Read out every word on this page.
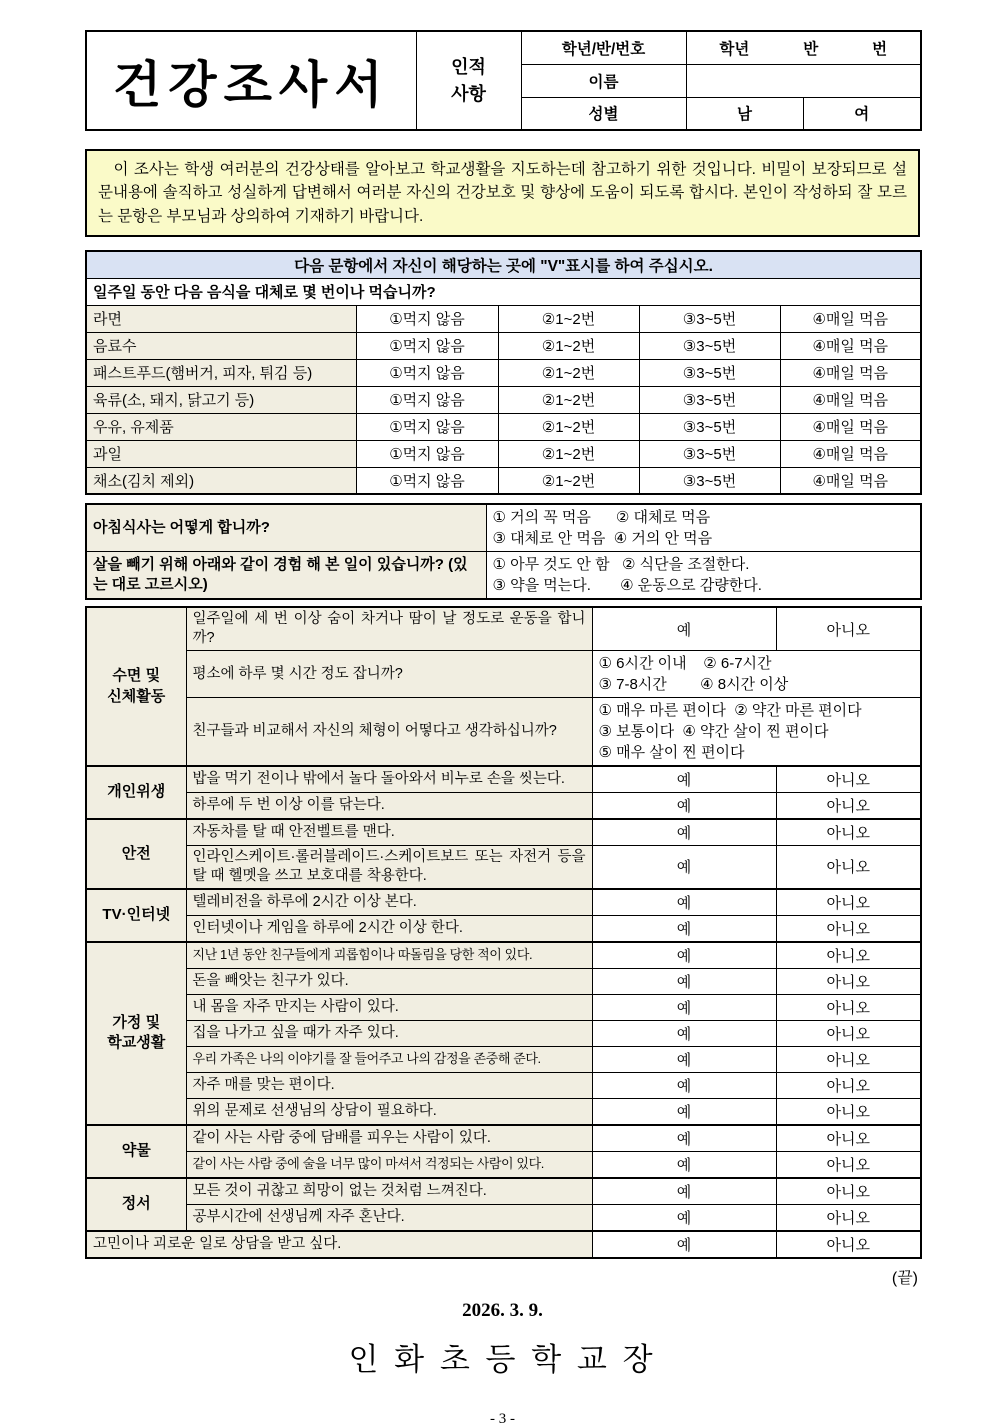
건강조사서	인적
사항
	학년/반/번호	학년	반	번

		이름		
		성별	남	여
이 조사는 학생 여러분의 건강상태를 알아보고 학교생활을 지도하는데 참고하기 위한 것입니다. 비밀이 보장되므로 설문내용에 솔직하고 성실하게 답변해서 여러분 자신의 건강보호 및 향상에 도움이 되도록 합시다. 본인이 작성하되 잘 모르는 문항은 부모님과 상의하여 기재하기 바랍니다.
다음 문항에서 자신이 해당하는 곳에 "V"표시를 하여 주십시오.				
일주일 동안 다음 음식을 대체로 몇 번이나 먹습니까?				
라면	①먹지 않음	②1~2번	③3~5번	④매일 먹음
음료수	①먹지 않음	②1~2번	③3~5번	④매일 먹음
패스트푸드(햄버거, 피자, 튀김 등)	①먹지 않음	②1~2번	③3~5번	④매일 먹음
육류(소, 돼지, 닭고기 등)	①먹지 않음	②1~2번	③3~5번	④매일 먹음
우유, 유제품	①먹지 않음	②1~2번	③3~5번	④매일 먹음
과일	①먹지 않음	②1~2번	③3~5번	④매일 먹음
채소(김치 제외)	①먹지 않음	②1~2번	③3~5번	④매일 먹음
아침식사는 어떻게 합니까?	① 거의 꼭 먹음      ② 대체로 먹음
③ 대체로 안 먹음  ④ 거의 안 먹음

살을 빼기 위해 아래와 같이 경험 해 본 일이 있습니까? (있는 대로 고르시오)	① 아무 것도 안 함   ② 식단을 조절한다.
③ 약을 먹는다.       ④ 운동으로 감량한다.
수면 및
신체활동	일주일에 세 번 이상 숨이 차거나 땀이 날 정도로 운동을 합니까?	예	아니오
	평소에 하루 몇 시간 정도 잡니까?	① 6시간 이내    ② 6-7시간
③ 7-8시간        ④ 8시간 이상	

	친구들과 비교해서 자신의 체형이 어떻다고 생각하십니까?	① 매우 마른 편이다  ② 약간 마른 편이다
③ 보통이다  ④ 약간 살이 찐 편이다
⑤ 매우 살이 찐 편이다	

개인위생	밥을 먹기 전이나 밖에서 놀다 돌아와서 비누로 손을 씻는다.	예	아니오
	하루에 두 번 이상 이를 닦는다.	예	아니오

안전	자동차를 탈 때 안전벨트를 맨다.	예	아니오
	인라인스케이트·롤러블레이드·스케이트보드 또는 자전거 등을 탈 때 헬멧을 쓰고 보호대를 착용한다.	예	아니오

TV·인터넷	텔레비전을 하루에 2시간 이상 본다.	예	아니오
	인터넷이나 게임을 하루에 2시간 이상 한다.	예	아니오

가정 및
학교생활	지난 1년 동안 친구들에게 괴롭힘이나 따돌림을 당한 적이 있다.	예	아니오
	돈을 빼앗는 친구가 있다.	예	아니오
	내 몸을 자주 만지는 사람이 있다.	예	아니오
	집을 나가고 싶을 때가 자주 있다.	예	아니오
	우리 가족은 나의 이야기를 잘 들어주고 나의 감정을 존중해 준다.	예	아니오
	자주 매를 맞는 편이다.	예	아니오
	위의 문제로 선생님의 상담이 필요하다.	예	아니오

약물	같이 사는 사람 중에 담배를 피우는 사람이 있다.	예	아니오
	같이 사는 사람 중에 술을 너무 많이 마셔서 걱정되는 사람이 있다.	예	아니오

정서	모든 것이 귀찮고 희망이 없는 것처럼 느껴진다.	예	아니오
	공부시간에 선생님께 자주 혼난다.	예	아니오
고민이나 괴로운 일로 상담을 받고 싶다.		예	아니오
(끝)
2026. 3. 9.
인 화 초 등 학 교 장
- 3 -
